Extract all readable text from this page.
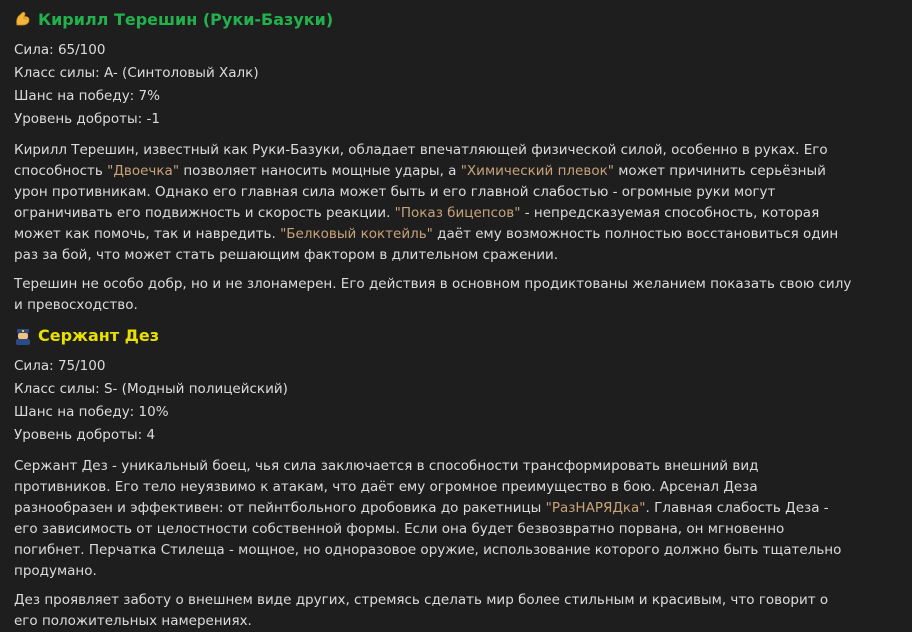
Кирилл Терешин (Руки-Базуки)
Сила: 65/100
Класс силы: A- (Синтоловый Халк)
Шанс на победу: 7%
Уровень доброты: -1
Кирилл Терешин, известный как Руки-Базуки, обладает впечатляющей физической силой, особенно в руках. Его способность "Двоечка" позволяет наносить мощные удары, а "Химический плевок" может причинить серьёзный урон противникам. Однако его главная сила может быть и его главной слабостью - огромные руки могут ограничивать его подвижность и скорость реакции. "Показ бицепсов" - непредсказуемая способность, которая может как помочь, так и навредить. "Белковый коктейль" даёт ему возможность полностью восстановиться один раз за бой, что может стать решающим фактором в длительном сражении.
Терешин не особо добр, но и не злонамерен. Его действия в основном продиктованы желанием показать свою силу и превосходство.
Сержант Дез
Сила: 75/100
Класс силы: S- (Модный полицейский)
Шанс на победу: 10%
Уровень доброты: 4
Сержант Дез - уникальный боец, чья сила заключается в способности трансформировать внешний вид противников. Его тело неуязвимо к атакам, что даёт ему огромное преимущество в бою. Арсенал Деза разнообразен и эффективен: от пейнтбольного дробовика до ракетницы "РазНАРЯДка". Главная слабость Деза - его зависимость от целостности собственной формы. Если она будет безвозвратно порвана, он мгновенно погибнет. Перчатка Стилеща - мощное, но одноразовое оружие, использование которого должно быть тщательно продумано.
Дез проявляет заботу о внешнем виде других, стремясь сделать мир более стильным и красивым, что говорит о его положительных намерениях.
